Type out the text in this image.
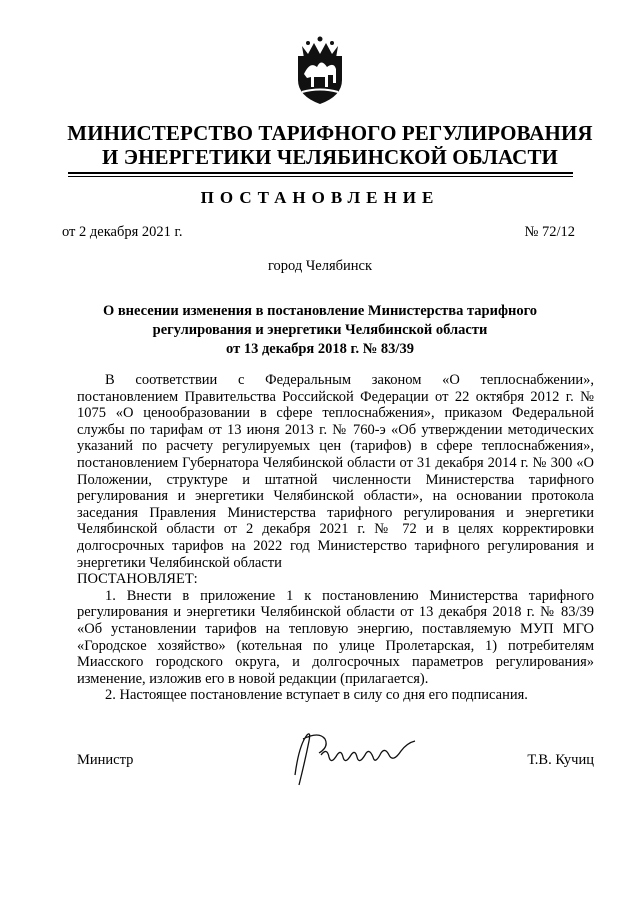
МИНИСТЕРСТВО ТАРИФНОГО РЕГУЛИРОВАНИЯ
И ЭНЕРГЕТИКИ ЧЕЛЯБИНСКОЙ ОБЛАСТИ
ПОСТАНОВЛЕНИЕ
от 2 декабря 2021 г.	№ 72/12
город Челябинск
О внесении изменения в постановление Министерства тарифного
регулирования и энергетики Челябинской области
от 13 декабря 2018 г. № 83/39

В соответствии с Федеральным законом «О теплоснабжении», постановлением Правительства Российской Федерации от 22 октября 2012 г. № 1075 «О ценообразовании в сфере теплоснабжения», приказом Федеральной службы по тарифам от 13 июня 2013 г. № 760-э «Об утверждении методических указаний по расчету регулируемых цен (тарифов) в сфере теплоснабжения», постановлением Губернатора Челябинской области от 31 декабря 2014 г. № 300 «О Положении, структуре и штатной численности Министерства тарифного регулирования и энергетики Челябинской области», на основании протокола заседания Правления Министерства тарифного регулирования и энергетики Челябинской области от 2 декабря 2021 г. № 72 и в целях корректировки долгосрочных тарифов на 2022 год Министерство тарифного регулирования и энергетики Челябинской области

ПОСТАНОВЛЯЕТ:

1. Внести в приложение 1 к постановлению Министерства тарифного регулирования и энергетики Челябинской области от 13 декабря 2018 г. № 83/39 «Об установлении тарифов на тепловую энергию, поставляемую МУП МГО «Городское хозяйство» (котельная по улице Пролетарская, 1) потребителям Миасского городского округа, и долгосрочных параметров регулирования» изменение, изложив его в новой редакции (прилагается).

2. Настоящее постановление вступает в силу со дня его подписания.

Министр	Т.В. Кучиц
